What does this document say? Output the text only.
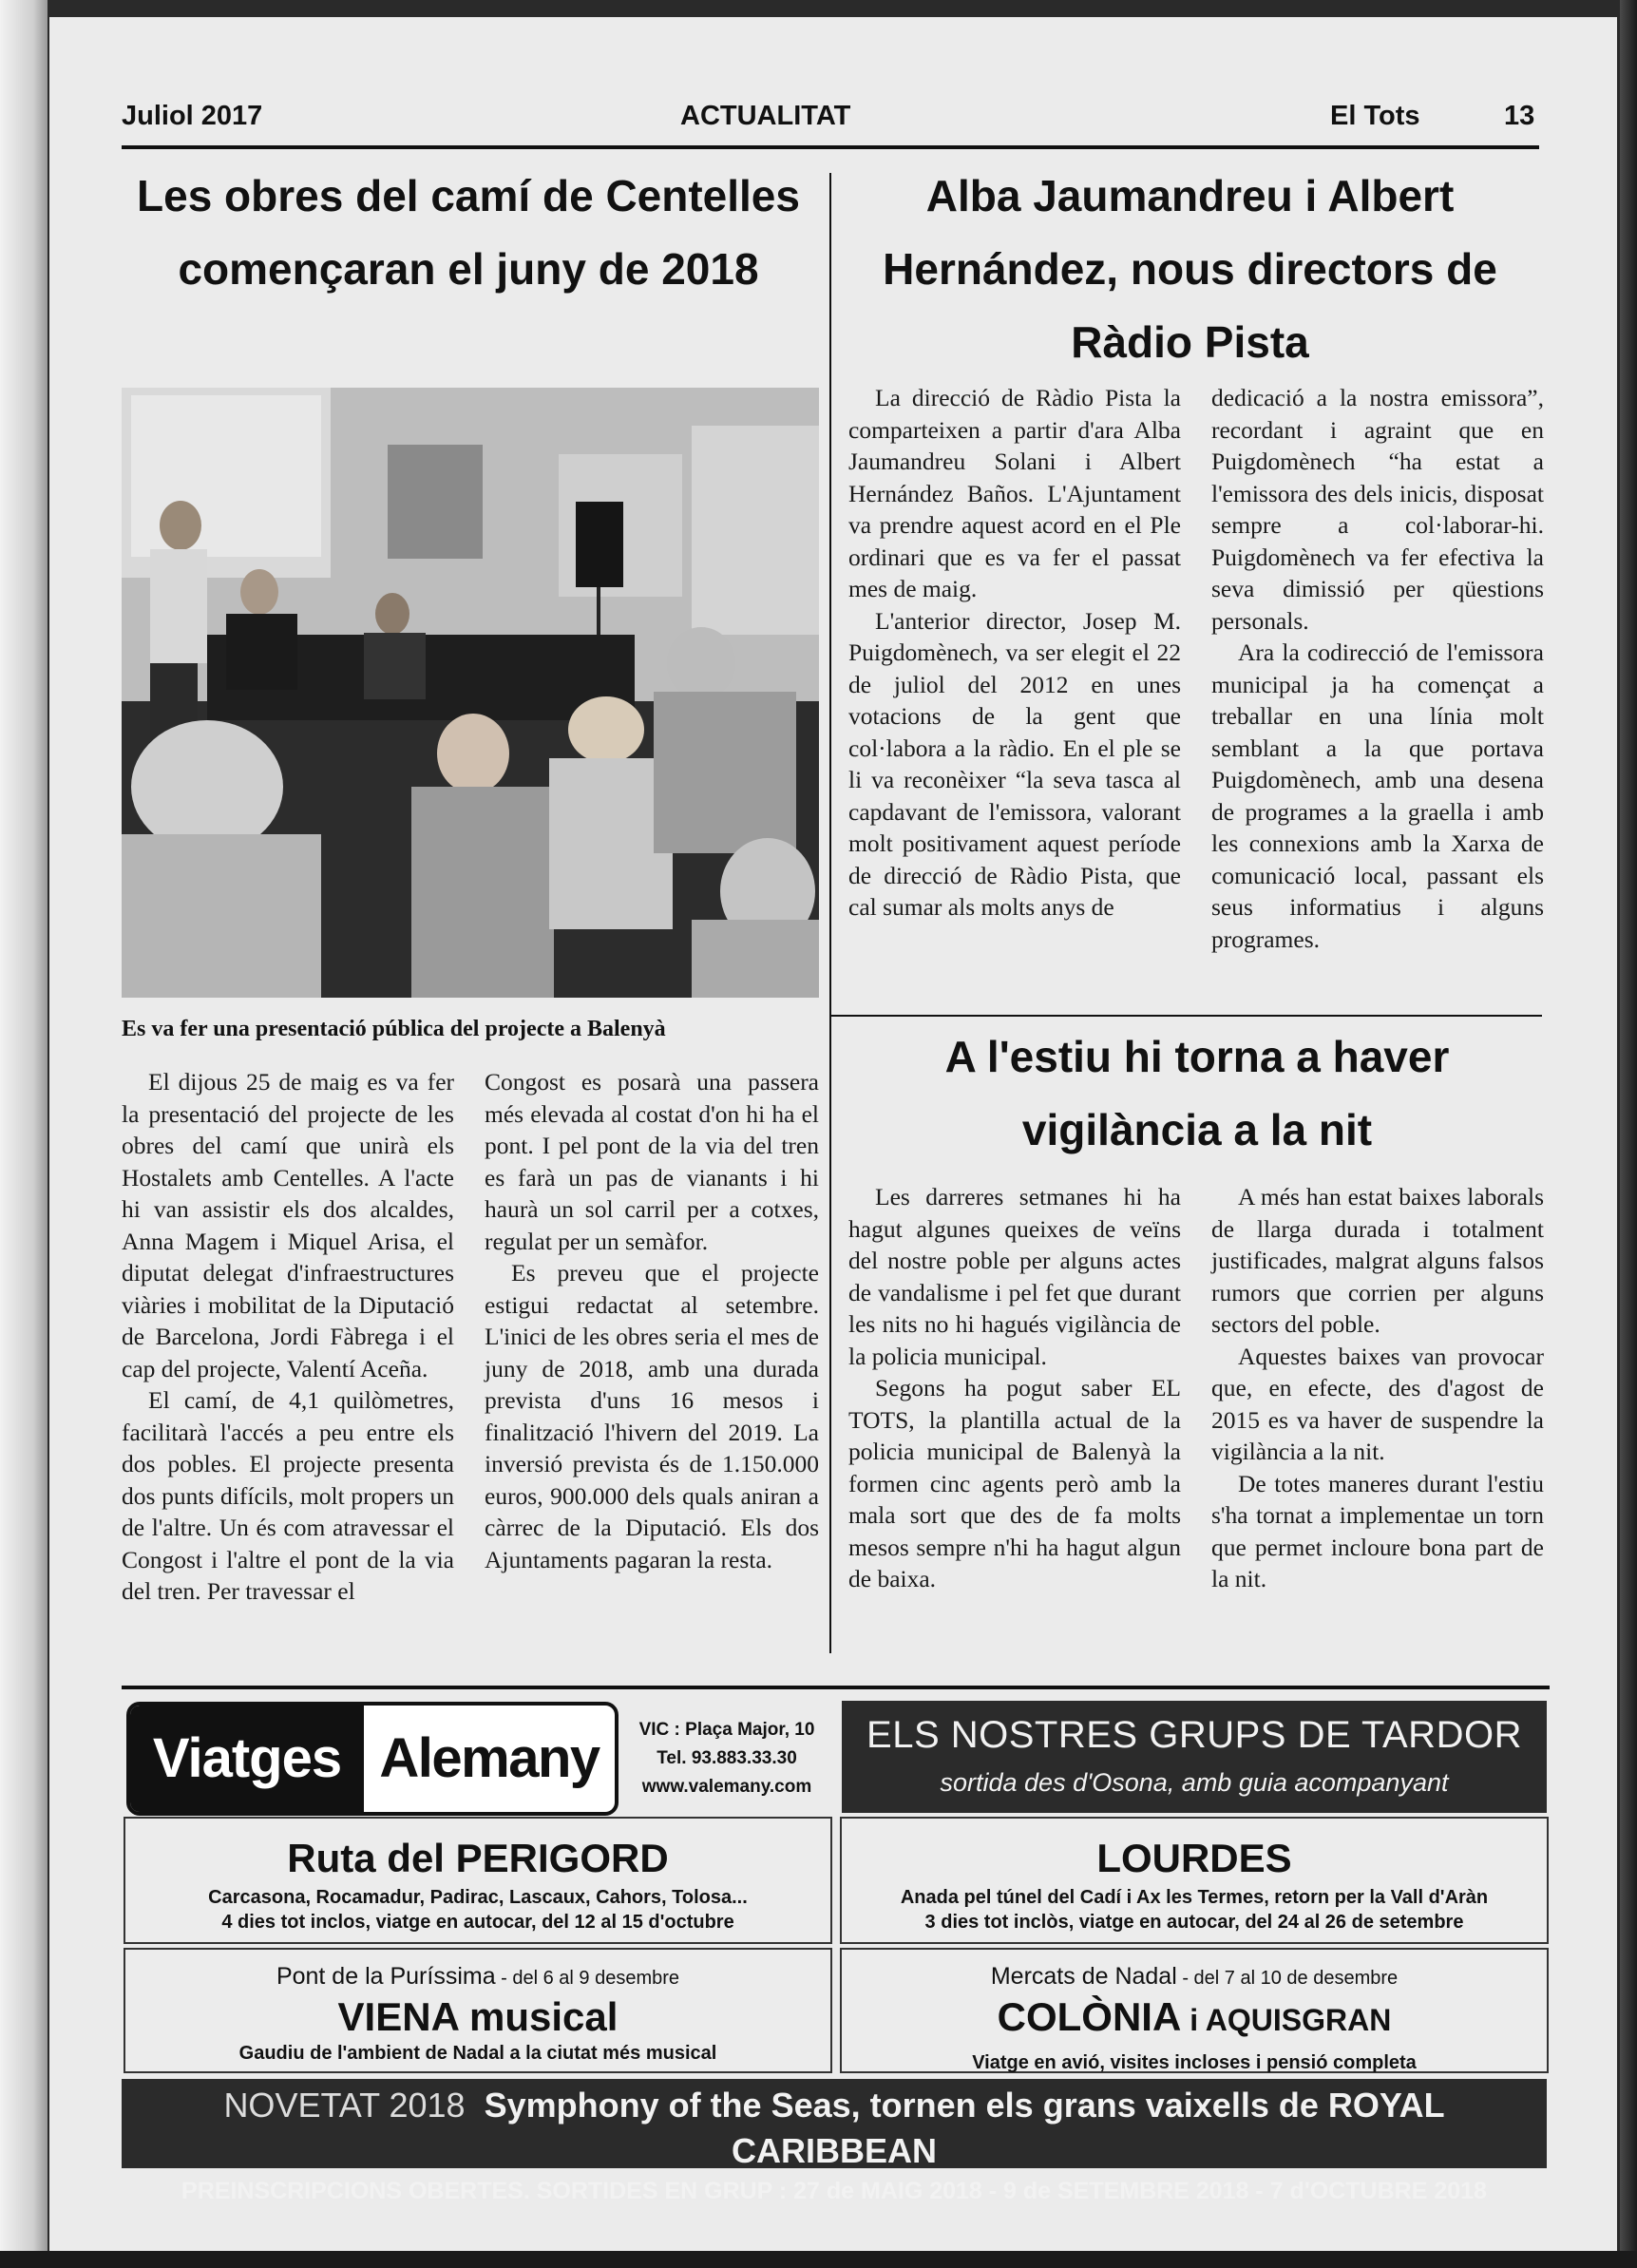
Juliol 2017	ACTUALITAT	El Tots	13
Les obres del camí de Centelles començaran el juny de 2018
Es va fer una presentació pública del projecte a Balenyà

El dijous 25 de maig es va fer la presentació del projecte de les obres del camí que unirà els Hostalets amb Centelles. A l'acte hi van assistir els dos alcaldes, Anna Magem i Miquel Arisa, el diputat delegat d'infraestructures viàries i mobilitat de la Diputació de Barcelona, Jordi Fàbrega i el cap del projecte, Valentí Aceña.

El camí, de 4,1 quilòmetres, facilitarà l'accés a peu entre els dos pobles. El projecte presenta dos punts difícils, molt propers un de l'altre. Un és com atravessar el Congost i l'altre el pont de la via del tren. Per travessar el

Congost es posarà una passera més elevada al costat d'on hi ha el pont. I pel pont de la via del tren es farà un pas de vianants i hi haurà un sol carril per a cotxes, regulat per un semàfor.

Es preveu que el projecte estigui redactat al setembre. L'inici de les obres seria el mes de juny de 2018, amb una durada prevista d'uns 16 mesos i finalització l'hivern del 2019. La inversió prevista és de 1.150.000 euros, 900.000 dels quals aniran a càrrec de la Diputació. Els dos Ajuntaments pagaran la resta.

Alba Jaumandreu i Albert Hernández, nous directors de Ràdio Pista

La direcció de Ràdio Pista la comparteixen a partir d'ara Alba Jaumandreu Solani i Albert Hernández Baños. L'Ajuntament va prendre aquest acord en el Ple ordinari que es va fer el passat mes de maig.

L'anterior director, Josep M. Puigdomènech, va ser elegit el 22 de juliol del 2012 en unes votacions de la gent que col·labora a la ràdio. En el ple se li va reconèixer “la seva tasca al capdavant de l'emissora, valorant molt positivament aquest període de direcció de Ràdio Pista, que cal sumar als molts anys de

dedicació a la nostra emissora”, recordant i agraint que en Puigdomènech “ha estat a l'emissora des dels inicis, disposat sempre a col·laborar-hi. Puigdomènech va fer efectiva la seva dimissió per qüestions personals.

Ara la codirecció de l'emissora municipal ja ha començat a treballar en una línia molt semblant a la que portava Puigdomènech, amb una desena de programes a la graella i amb les connexions amb la Xarxa de comunicació local, passant els seus informatius i alguns programes.

A l'estiu hi torna a haver vigilància a la nit

Les darreres setmanes hi ha hagut algunes queixes de veïns del nostre poble per alguns actes de vandalisme i pel fet que durant les nits no hi hagués vigilància de la policia municipal.

Segons ha pogut saber EL TOTS, la plantilla actual de la policia municipal de Balenyà la formen cinc agents però amb la mala sort que des de fa molts mesos sempre n'hi ha hagut algun de baixa.

A més han estat baixes laborals de llarga durada i totalment justificades, malgrat alguns falsos rumors que corrien per alguns sectors del poble.

Aquestes baixes van provocar que, en efecte, des d'agost de 2015 es va haver de suspendre la vigilància a la nit.

De totes maneres durant l'estiu s'ha tornat a implementae un torn que permet incloure bona part de la nit.

Viatges Alemany	VIC : Plaça Major, 10
Tel. 93.883.33.30
www.valemany.com
ELS NOSTRES GRUPS DE TARDOR
sortida des d'Osona, amb guia acompanyant
Ruta del PERIGORD
Carcasona, Rocamadur, Padirac, Lascaux, Cahors, Tolosa...
4 dies tot inclos, viatge en autocar, del 12 al 15 d'octubre
LOURDES
Anada pel túnel del Cadí i Ax les Termes, retorn per la Vall d'Aràn
3 dies tot inclòs, viatge en autocar, del 24 al 26 de setembre
Pont de la Puríssima - del 6 al 9 desembre
VIENA musical
Gaudiu de l'ambient de Nadal a la ciutat més musical
Mercats de Nadal - del 7 al 10 de desembre
COLÒNIA i AQUISGRAN
Viatge en avió, visites incloses i pensió completa
NOVETAT 2018 Symphony of the Seas, tornen els grans vaixells de ROYAL CARIBBEAN
PREINSCRIPCIONS OBERTES. SORTIDES EN GRUP : 27 de MAIG 2018 - 9 de SETEMBRE 2018 - 7 d'OCTUBRE 2018
